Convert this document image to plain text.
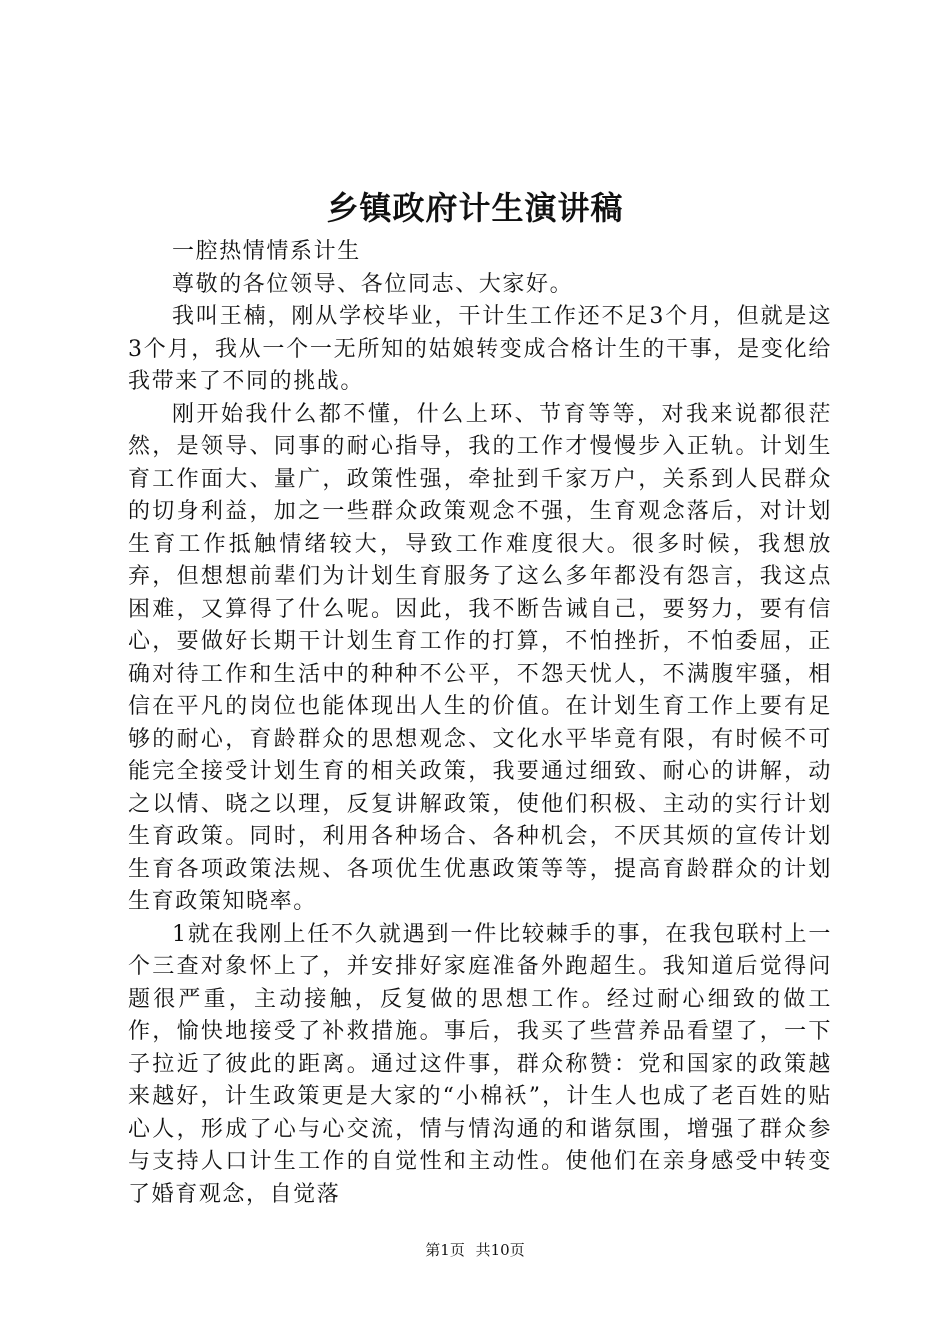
乡镇政府计生演讲稿

一腔热情情系计生

尊敬的各位领导、各位同志、大家好。

我叫王楠，刚从学校毕业，干计生工作还不足3个月，但就是这3个月，我从一个一无所知的姑娘转变成合格计生的干事，是变化给我带来了不同的挑战。

刚开始我什么都不懂，什么上环、节育等等，对我来说都很茫然，是领导、同事的耐心指导，我的工作才慢慢步入正轨。计划生育工作面大、量广，政策性强，牵扯到千家万户，关系到人民群众的切身利益，加之一些群众政策观念不强，生育观念落后，对计划生育工作抵触情绪较大，导致工作难度很大。很多时候，我想放弃，但想想前辈们为计划生育服务了这么多年都没有怨言，我这点困难，又算得了什么呢。因此，我不断告诫自己，要努力，要有信心，要做好长期干计划生育工作的打算，不怕挫折，不怕委屈，正确对待工作和生活中的种种不公平，不怨天忧人，不满腹牢骚，相信在平凡的岗位也能体现出人生的价值。在计划生育工作上要有足够的耐心，育龄群众的思想观念、文化水平毕竟有限，有时候不可能完全接受计划生育的相关政策，我要通过细致、耐心的讲解，动之以情、晓之以理，反复讲解政策，使他们积极、主动的实行计划生育政策。同时，利用各种场合、各种机会，不厌其烦的宣传计划生育各项政策法规、各项优生优惠政策等等，提高育龄群众的计划生育政策知晓率。

1就在我刚上任不久就遇到一件比较棘手的事，在我包联村上一个三查对象怀上了，并安排好家庭准备外跑超生。我知道后觉得问题很严重，主动接触，反复做的思想工作。经过耐心细致的做工作，愉快地接受了补救措施。事后，我买了些营养品看望了，一下子拉近了彼此的距离。通过这件事，群众称赞：党和国家的政策越来越好，计生政策更是大家的“小棉袄”，计生人也成了老百姓的贴心人，形成了心与心交流，情与情沟通的和谐氛围，增强了群众参与支持人口计生工作的自觉性和主动性。使他们在亲身感受中转变了婚育观念，自觉落

第1页 共10页
